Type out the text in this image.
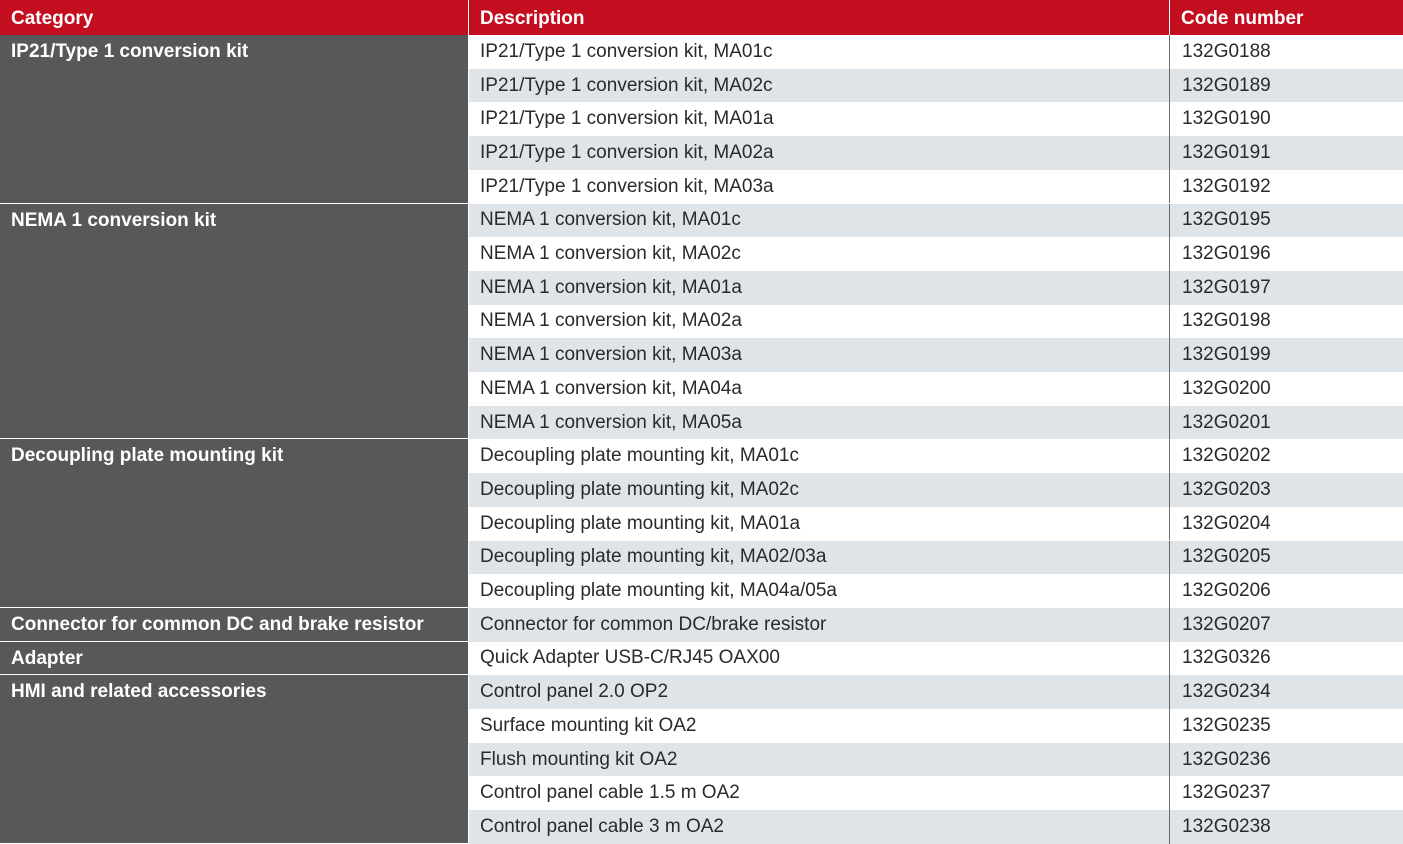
Category	Description	Code number
IP21/Type 1 conversion kit	IP21/Type 1 conversion kit, MA01c	132G0188
IP21/Type 1 conversion kit, MA02c	132G0189
IP21/Type 1 conversion kit, MA01a	132G0190
IP21/Type 1 conversion kit, MA02a	132G0191
IP21/Type 1 conversion kit, MA03a	132G0192
NEMA 1 conversion kit	NEMA 1 conversion kit, MA01c	132G0195
NEMA 1 conversion kit, MA02c	132G0196
NEMA 1 conversion kit, MA01a	132G0197
NEMA 1 conversion kit, MA02a	132G0198
NEMA 1 conversion kit, MA03a	132G0199
NEMA 1 conversion kit, MA04a	132G0200
NEMA 1 conversion kit, MA05a	132G0201
Decoupling plate mounting kit	Decoupling plate mounting kit, MA01c	132G0202
Decoupling plate mounting kit, MA02c	132G0203
Decoupling plate mounting kit, MA01a	132G0204
Decoupling plate mounting kit, MA02/03a	132G0205
Decoupling plate mounting kit, MA04a/05a	132G0206
Connector for common DC and brake resistor	Connector for common DC/brake resistor	132G0207
Adapter	Quick Adapter USB-C/RJ45 OAX00	132G0326
HMI and related accessories	Control panel 2.0 OP2	132G0234
Surface mounting kit OA2	132G0235
Flush mounting kit OA2	132G0236
Control panel cable 1.5 m OA2	132G0237
Control panel cable 3 m OA2	132G0238
